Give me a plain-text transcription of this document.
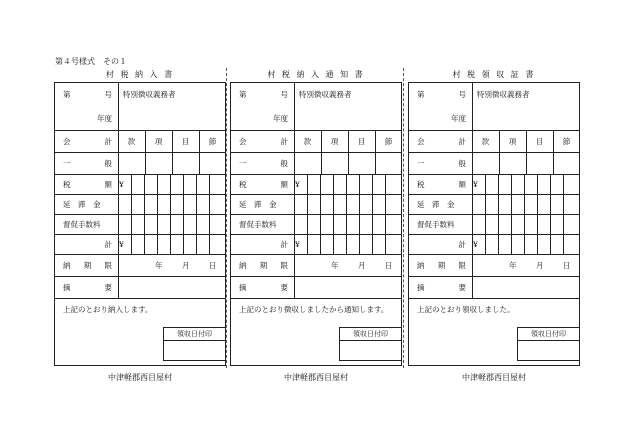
第４号様式　その１
村 税 納 入 書
第	号
年度
特別徴収義務者
会	計 款	項	目	節
一	般
税	額 ¥
延　滞　金
督促手数料
計 ¥
納 期 限	年	月	日
摘	要
上記のとおり納入します。
領収日付印
中津軽郡西目屋村
村 税 納 入 通 知 書
第	号
年度
特別徴収義務者
会	計 款	項	目	節
一	般
税	額 ¥
延　滞　金
督促手数料
計 ¥
納 期 限	年	月	日
摘	要
上記のとおり徴収しましたから通知します。
領収日付印
中津軽郡西目屋村
村 税 領 収 証 書
第	号
年度
特別徴収義務者
会	計 款	項	目	節
一	般
税	額 ¥
延　滞　金
督促手数料
計 ¥
納 期 限	年	月	日
摘	要
上記のとおり領収しました。
領収日付印
中津軽郡西目屋村
